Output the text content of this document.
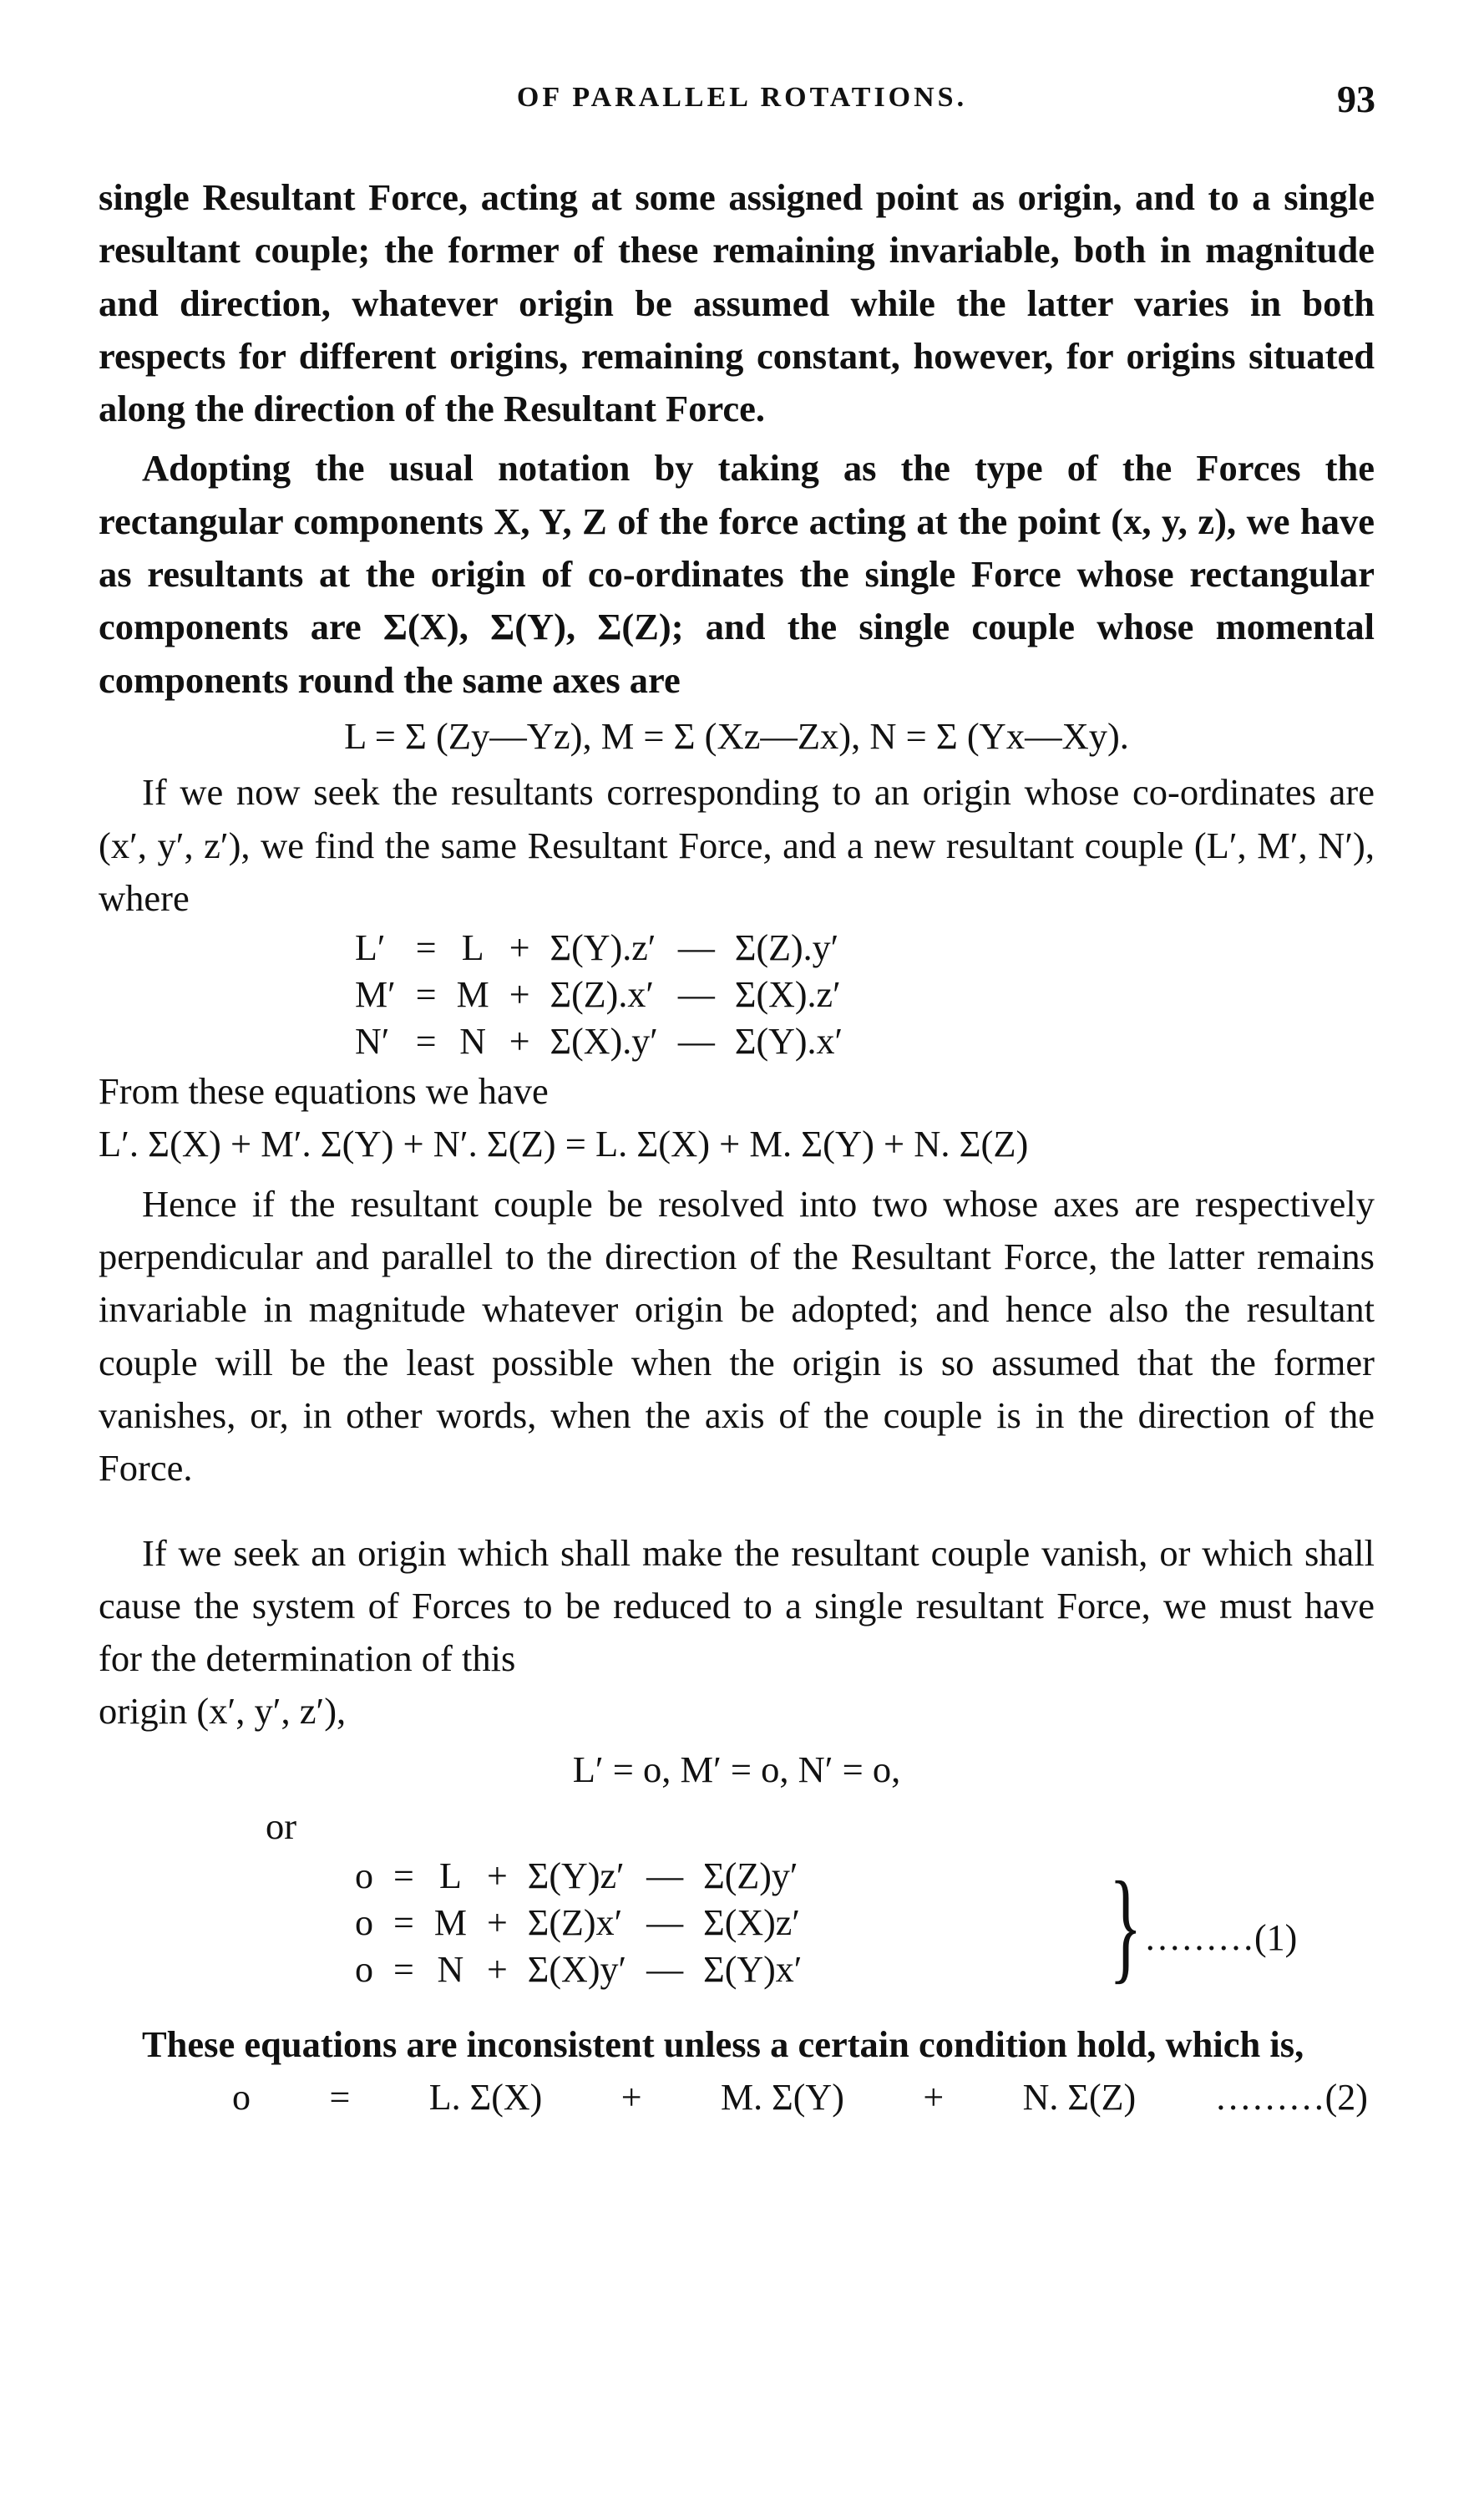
OF PARALLEL ROTATIONS.	93

single Resultant Force, acting at some assigned point as origin, and to a single resultant couple; the former of these remaining invariable, both in magnitude and direction, whatever origin be assumed while the latter varies in both respects for different origins, remaining constant, however, for origins situated along the direction of the Resultant Force.

Adopting the usual notation by taking as the type of the Forces the rectangular components X, Y, Z of the force acting at the point (x, y, z), we have as resultants at the origin of co-ordinates the single Force whose rectangular components are Σ(X), Σ(Y), Σ(Z); and the single couple whose momental components round the same axes are

L = Σ (Zy—Yz), M = Σ (Xz—Zx), N = Σ (Yx—Xy).

If we now seek the resultants corresponding to an origin whose co-ordinates are (x′, y′, z′), we find the same Resultant Force, and a new resultant couple (L′, M′, N′), where

L′	=	L	+	Σ(Y).z′	—	Σ(Z).y′
M′	=	M	+	Σ(Z).x′	—	Σ(X).z′
N′	=	N	+	Σ(X).y′	—	Σ(Y).x′

From these equations we have

L′. Σ(X) + M′. Σ(Y) + N′. Σ(Z) = L. Σ(X) + M. Σ(Y) + N. Σ(Z)

Hence if the resultant couple be resolved into two whose axes are respectively perpendicular and parallel to the direction of the Resultant Force, the latter remains invariable in magnitude whatever origin be adopted; and hence also the resultant couple will be the least possible when the origin is so assumed that the former vanishes, or, in other words, when the axis of the couple is in the direction of the Force.

If we seek an origin which shall make the resultant couple vanish, or which shall cause the system of Forces to be reduced to a single resultant Force, we must have for the determination of this

origin (x′, y′, z′),
L′ = o, M′ = o, N′ = o,
or
o	=	L	+	Σ(Y)z′	—	Σ(Z)y′
o	=	M	+	Σ(Z)x′	—	Σ(X)z′
o	=	N	+	Σ(X)y′	—	Σ(Y)x′ } ………(1)

These equations are inconsistent unless a certain condition hold, which is,

o = L. Σ(X) + M. Σ(Y) + N. Σ(Z) ………(2)
